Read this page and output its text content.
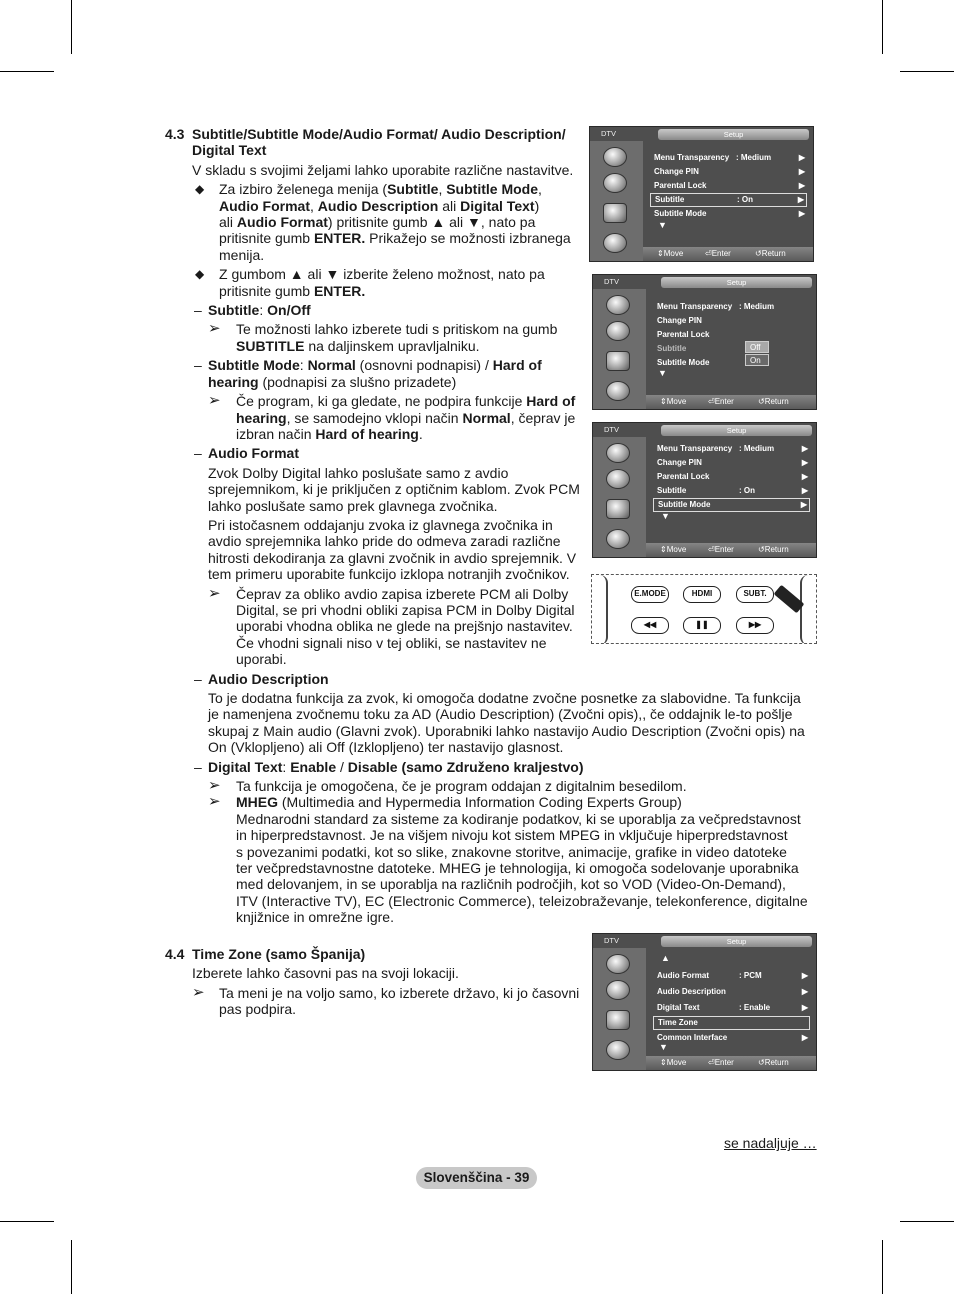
4.3 Subtitle/Subtitle Mode/Audio Format/ Audio Description/
Digital Text
V skladu s svojimi željami lahko uporabite različne nastavitve.
◆ Za izbiro želenega menija (Subtitle, Subtitle Mode,
Audio Format, Audio Description ali Digital Text)
ali Audio Format) pritisnite gumb ▲ ali ▼, nato pa
pritisnite gumb ENTER. Prikažejo se možnosti izbranega
menija.
◆ Z gumbom ▲ ali ▼ izberite želeno možnost, nato pa
pritisnite gumb ENTER.
– Subtitle: On/Off
➢ Te možnosti lahko izberete tudi s pritiskom na gumb
SUBTITLE na daljinskem upravljalniku.
– Subtitle Mode: Normal (osnovni podnapisi) / Hard of
hearing (podnapisi za slušno prizadete)
➢ Če program, ki ga gledate, ne podpira funkcije Hard of
hearing, se samodejno vklopi način Normal, čeprav je
izbran način Hard of hearing.
– Audio Format
Zvok Dolby Digital lahko poslušate samo z avdio
sprejemnikom, ki je priključen z optičnim kablom. Zvok PCM
lahko poslušate samo prek glavnega zvočnika.
Pri istočasnem oddajanju zvoka iz glavnega zvočnika in
avdio sprejemnika lahko pride do odmeva zaradi različne
hitrosti dekodiranja za glavni zvočnik in avdio sprejemnik. V
tem primeru uporabite funkcijo izklopa notranjih zvočnikov.
➢ Čeprav za obliko avdio zapisa izberete PCM ali Dolby
Digital, se pri vhodni obliki zapisa PCM in Dolby Digital
uporabi vhodna oblika ne glede na prejšnjo nastavitev.
Če vhodni signali niso v tej obliki, se nastavitev ne
uporabi.
– Audio Description
To je dodatna funkcija za zvok, ki omogoča dodatne zvočne posnetke za slabovidne. Ta funkcija
je namenjena zvočnemu toku za AD (Audio Description) (Zvočni opis),, če oddajnik le-to pošlje
skupaj z Main audio (Glavni zvok). Uporabniki lahko nastavijo Audio Description (Zvočni opis) na
On (Vklopljeno) ali Off (Izklopljeno) ter nastavijo glasnost.
– Digital Text: Enable / Disable (samo Združeno kraljestvo)
➢ Ta funkcija je omogočena, če je program oddajan z digitalnim besedilom.
➢ MHEG (Multimedia and Hypermedia Information Coding Experts Group)
Mednarodni standard za sisteme za kodiranje podatkov, ki se uporablja za večpredstavnost
in hiperpredstavnost. Je na višjem nivoju kot sistem MPEG in vključuje hiperpredstavnost
s povezanimi podatki, kot so slike, znakovne storitve, animacije, grafike in video datoteke
ter večpredstavnostne datoteke. MHEG je tehnologija, ki omogoča sodelovanje uporabnika
med delovanjem, in se uporablja na različnih področjih, kot so VOD (Video-On-Demand),
ITV (Interactive TV), EC (Electronic Commerce), teleizobraževanje, telekonference, digitalne
knjižnice in omrežne igre.
4.4 Time Zone (samo Španija)
Izberete lahko časovni pas na svoji lokaciji.
➢ Ta meni je na voljo samo, ko izberete državo, ki jo časovni
pas podpira.
DTV	Setup
Menu Transparency : Medium	▶
Change PIN	▶
Parental Lock	▶
Subtitle	: On	▶
Subtitle Mode	▶
▼
⇕ Move	⏎ Enter	↺ Return
DTV	Setup
Menu Transparency : Medium
Change PIN
Parental Lock
Subtitle
Subtitle Mode
Off
On
▼
⇕ Move	⏎ Enter	↺ Return
DTV	Setup
Menu Transparency : Medium	▶
Change PIN	▶
Parental Lock	▶
Subtitle	: On	▶
Subtitle Mode	▶
▼
⇕ Move	⏎ Enter	↺ Return
E.MODE	HDMI	SUBT.
◀◀	❚❚	▶▶
DTV	Setup
▲
Audio Format	: PCM	▶
Audio Description	▶
Digital Text	: Enable	▶
Time Zone
Common Interface	▶
▼
⇕ Move	⏎ Enter	↺ Return
se nadaljuje …
Slovenščina - 39
